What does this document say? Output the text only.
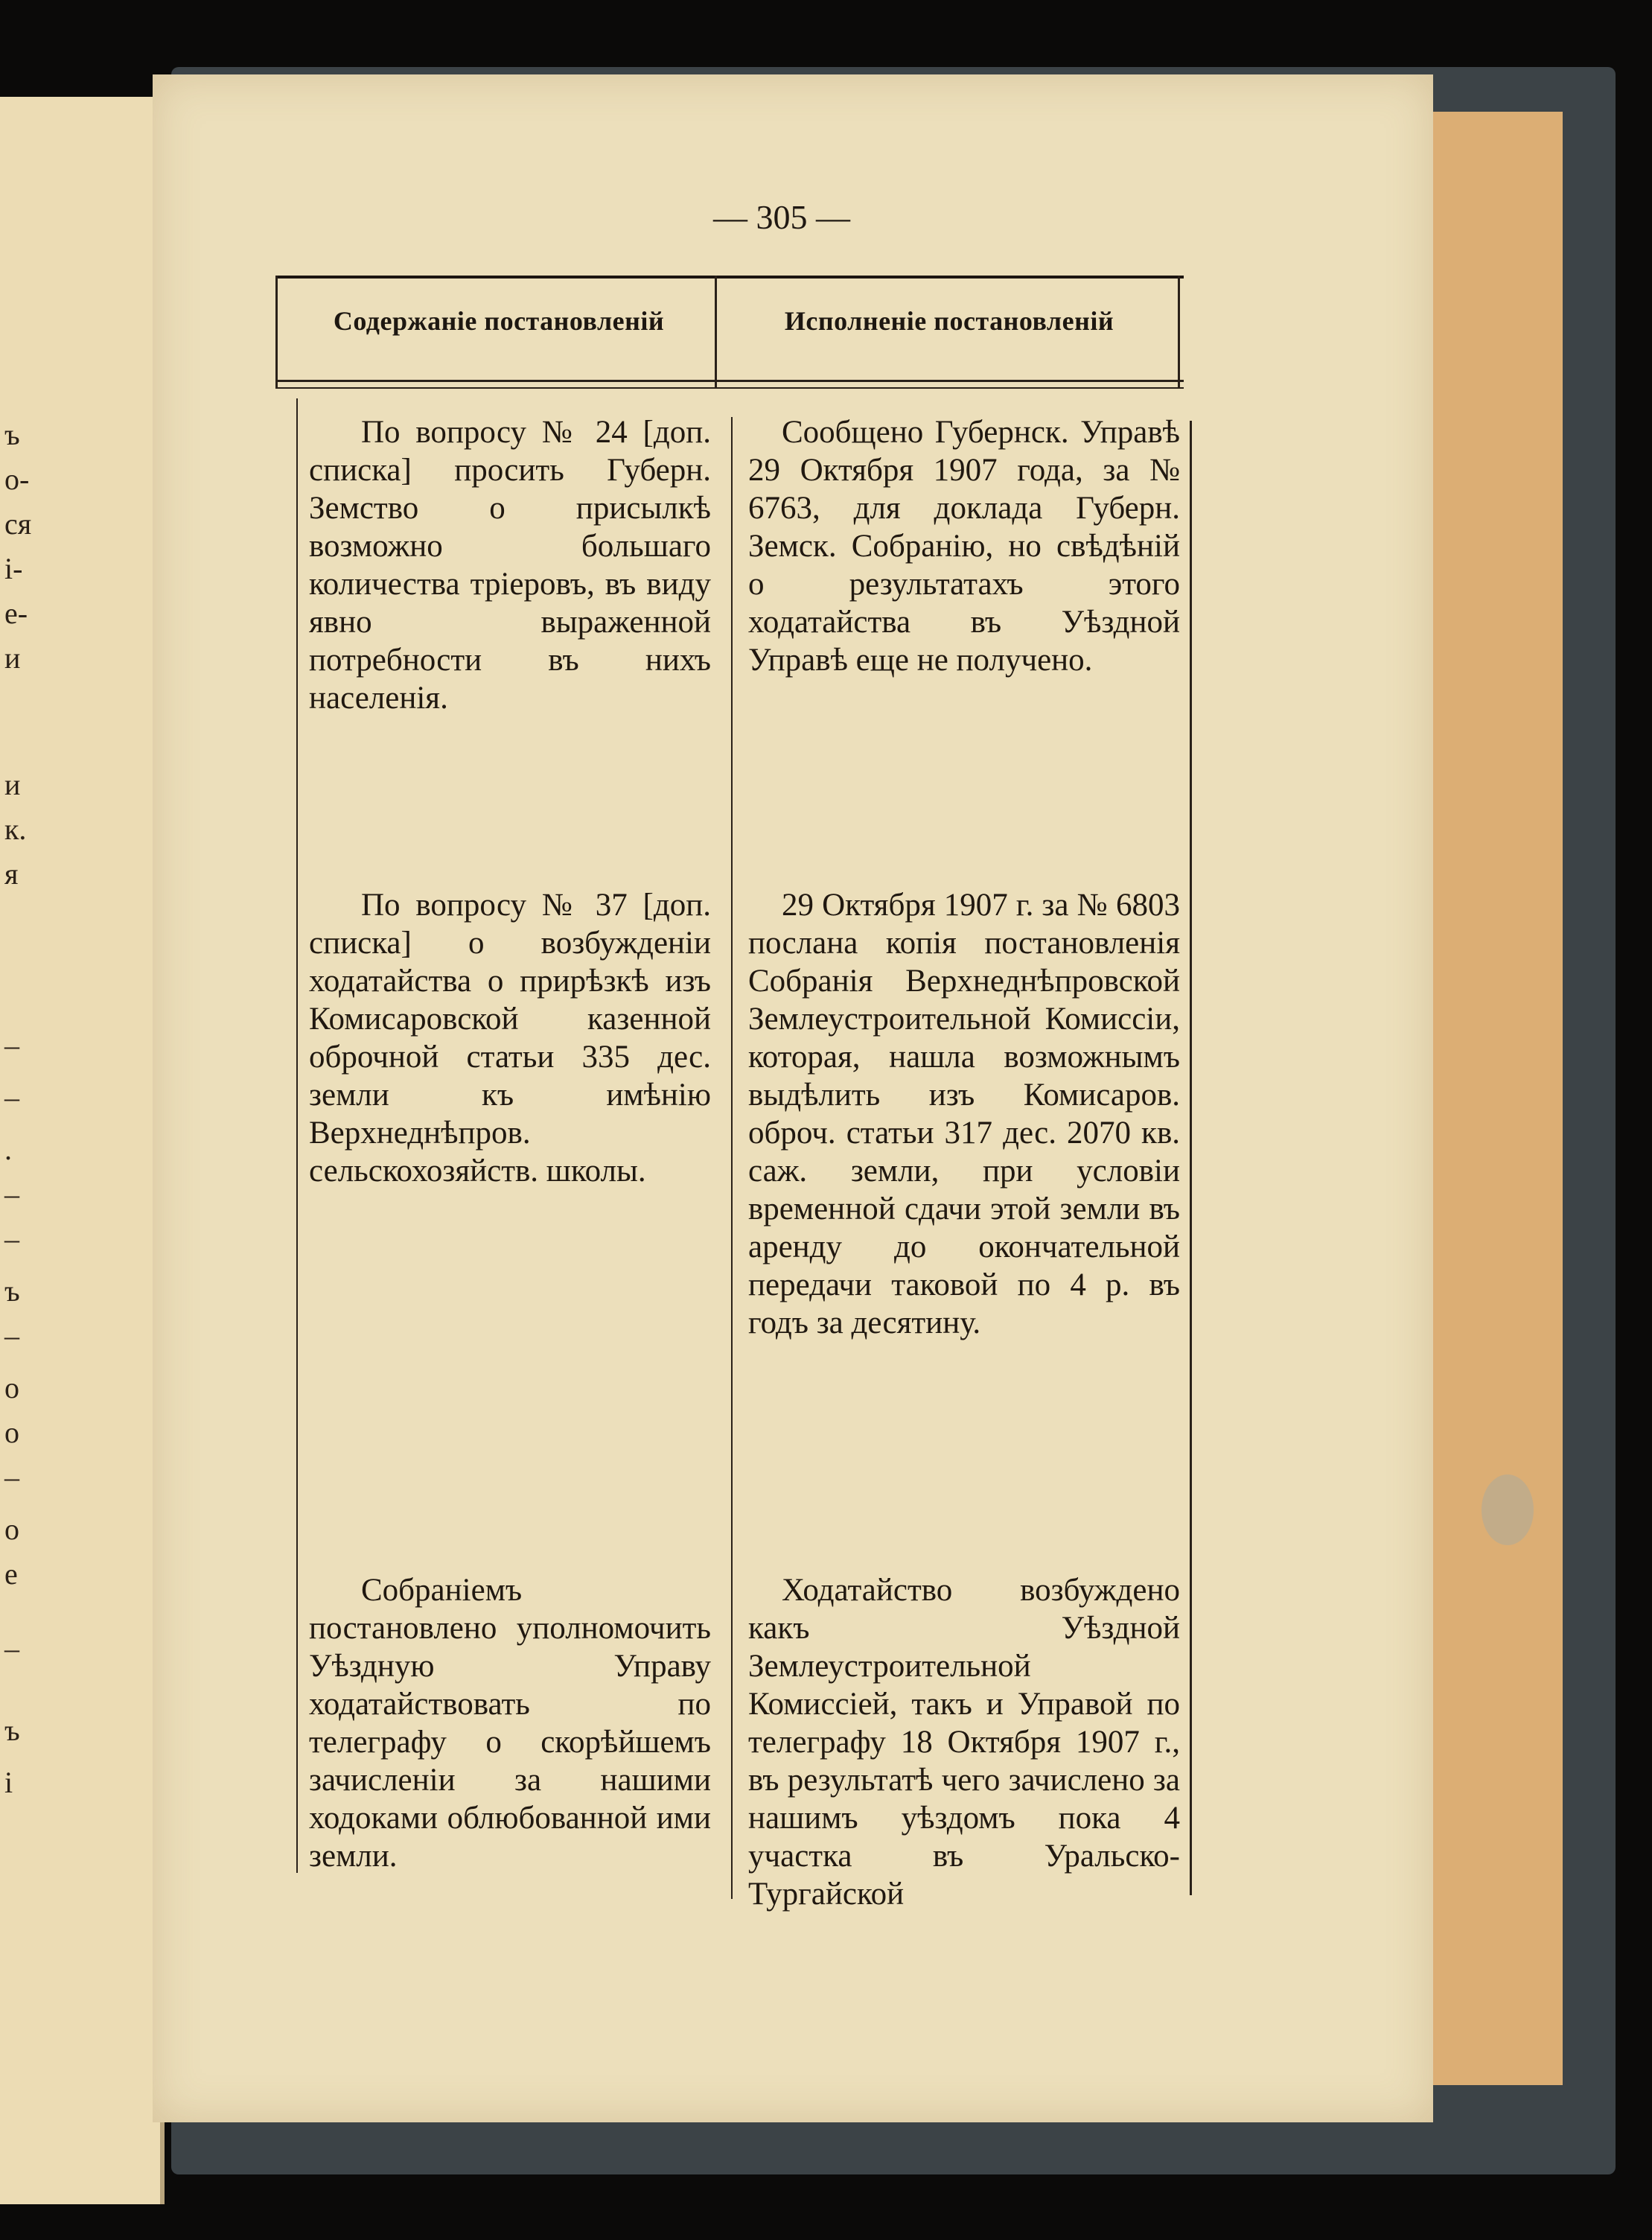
ъ
о-
ся
і-
е-
и
и
к.
я
–
–
.
–
–
ъ
–
о
о
–
о
е
–
ъ
і
— 305 —
Содержаніе постановленій	Исполненіе постановленій
По вопросу № 24 [доп. списка] просить Губерн. Земство о присылкѣ возможно большаго количества тріеровъ, въ виду явно выраженной потребности въ нихъ населенія.
Сообщено Губернск. Управѣ 29 Октября 1907 года, за № 6763, для доклада Губерн. Земск. Собранію, но свѣдѣній о результатахъ этого ходатайства въ Уѣздной Управѣ еще не получено.
По вопросу № 37 [доп. списка] о возбужденіи ходатайства о прирѣзкѣ изъ Комисаровской казенной оброчной статьи 335 дес. земли къ имѣнію Верхнеднѣпров. сельскохозяйств. школы.
29 Октября 1907 г. за № 6803 послана копія постановленія Собранія Верхнеднѣпровской Землеустроительной Комиссіи, которая, нашла возможнымъ выдѣлить изъ Комисаров. оброч. статьи 317 дес. 2070 кв. саж. земли, при условіи временной сдачи этой земли въ аренду до окончательной передачи таковой по 4 р. въ годъ за десятину.
Собраніемъ постановлено уполномочить Уѣздную Управу ходатайствовать по телеграфу о скорѣйшемъ зачисленіи за нашими ходоками облюбованной ими земли.
Ходатайство возбуждено какъ Уѣздной Землеустроительной Комиссіей, такъ и Управой по телеграфу 18 Октября 1907 г., въ результатѣ чего зачислено за нашимъ уѣздомъ пока 4 участка въ Уральско-Тургайской
